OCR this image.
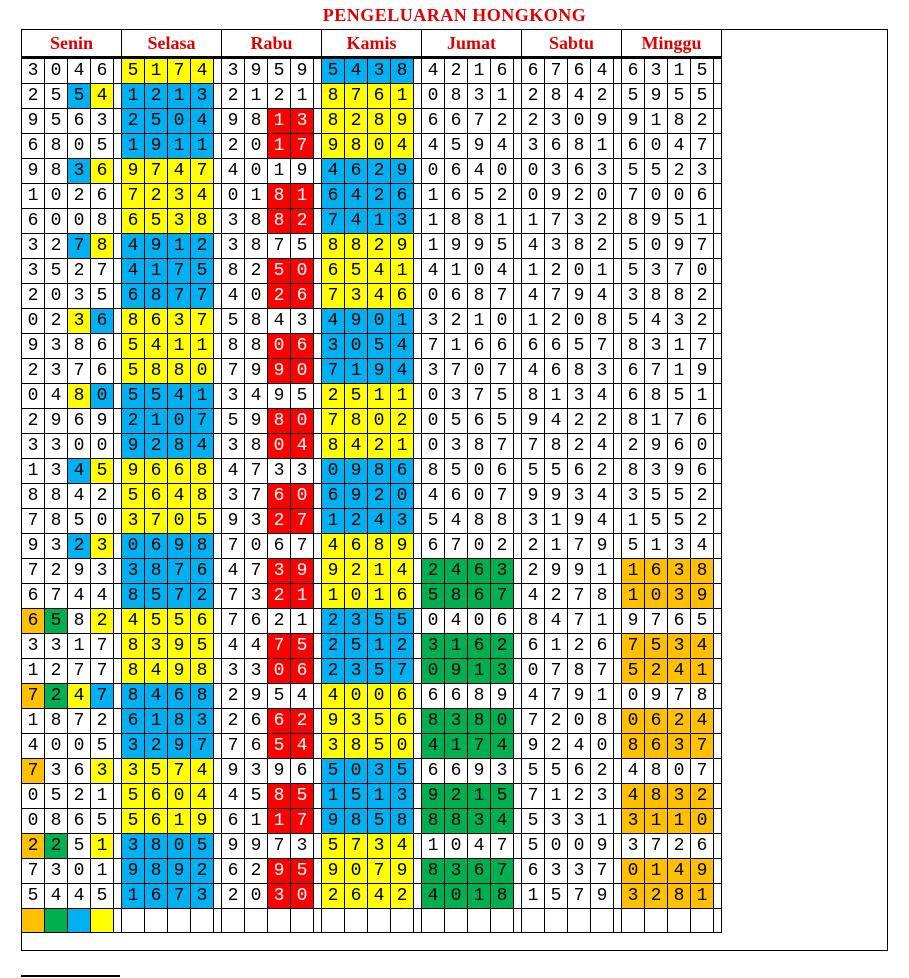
PENGELUARAN HONGKONG
Senin					Selasa					Rabu					Kamis					Jumat					Sabtu					Minggu				
3	0	4	6		5	1	7	4		3	9	5	9		5	4	3	8		4	2	1	6		6	7	6	4		6	3	1	5	
2	5	5	4		1	2	1	3		2	1	2	1		8	7	6	1		0	8	3	1		2	8	4	2		5	9	5	5	
9	5	6	3		2	5	0	4		9	8	1	3		8	2	8	9		6	6	7	2		2	3	0	9		9	1	8	2	
6	8	0	5		1	9	1	1		2	0	1	7		9	8	0	4		4	5	9	4		3	6	8	1		6	0	4	7	
9	8	3	6		9	7	4	7		4	0	1	9		4	6	2	9		0	6	4	0		0	3	6	3		5	5	2	3	
1	0	2	6		7	2	3	4		0	1	8	1		6	4	2	6		1	6	5	2		0	9	2	0		7	0	0	6	
6	0	0	8		6	5	3	8		3	8	8	2		7	4	1	3		1	8	8	1		1	7	3	2		8	9	5	1	
3	2	7	8		4	9	1	2		3	8	7	5		8	8	2	9		1	9	9	5		4	3	8	2		5	0	9	7	
3	5	2	7		4	1	7	5		8	2	5	0		6	5	4	1		4	1	0	4		1	2	0	1		5	3	7	0	
2	0	3	5		6	8	7	7		4	0	2	6		7	3	4	6		0	6	8	7		4	7	9	4		3	8	8	2	
0	2	3	6		8	6	3	7		5	8	4	3		4	9	0	1		3	2	1	0		1	2	0	8		5	4	3	2	
9	3	8	6		5	4	1	1		8	8	0	6		3	0	5	4		7	1	6	6		6	6	5	7		8	3	1	7	
2	3	7	6		5	8	8	0		7	9	9	0		7	1	9	4		3	7	0	7		4	6	8	3		6	7	1	9	
0	4	8	0		5	5	4	1		3	4	9	5		2	5	1	1		0	3	7	5		8	1	3	4		6	8	5	1	
2	9	6	9		2	1	0	7		5	9	8	0		7	8	0	2		0	5	6	5		9	4	2	2		8	1	7	6	
3	3	0	0		9	2	8	4		3	8	0	4		8	4	2	1		0	3	8	7		7	8	2	4		2	9	6	0	
1	3	4	5		9	6	6	8		4	7	3	3		0	9	8	6		8	5	0	6		5	5	6	2		8	3	9	6	
8	8	4	2		5	6	4	8		3	7	6	0		6	9	2	0		4	6	0	7		9	9	3	4		3	5	5	2	
7	8	5	0		3	7	0	5		9	3	2	7		1	2	4	3		5	4	8	8		3	1	9	4		1	5	5	2	
9	3	2	3		0	6	9	8		7	0	6	7		4	6	8	9		6	7	0	2		2	1	7	9		5	1	3	4	
7	2	9	3		3	8	7	6		4	7	3	9		9	2	1	4		2	4	6	3		2	9	9	1		1	6	3	8	
6	7	4	4		8	5	7	2		7	3	2	1		1	0	1	6		5	8	6	7		4	2	7	8		1	0	3	9	
6	5	8	2		4	5	5	6		7	6	2	1		2	3	5	5		0	4	0	6		8	4	7	1		9	7	6	5	
3	3	1	7		8	3	9	5		4	4	7	5		2	5	1	2		3	1	6	2		6	1	2	6		7	5	3	4	
1	2	7	7		8	4	9	8		3	3	0	6		2	3	5	7		0	9	1	3		0	7	8	7		5	2	4	1	
7	2	4	7		8	4	6	8		2	9	5	4		4	0	0	6		6	6	8	9		4	7	9	1		0	9	7	8	
1	8	7	2		6	1	8	3		2	6	6	2		9	3	5	6		8	3	8	0		7	2	0	8		0	6	2	4	
4	0	0	5		3	2	9	7		7	6	5	4		3	8	5	0		4	1	7	4		9	2	4	0		8	6	3	7	
7	3	6	3		3	5	7	4		9	3	9	6		5	0	3	5		6	6	9	3		5	5	6	2		4	8	0	7	
0	5	2	1		5	6	0	4		4	5	8	5		1	5	1	3		9	2	1	5		7	1	2	3		4	8	3	2	
0	8	6	5		5	6	1	9		6	1	1	7		9	8	5	8		8	8	3	4		5	3	3	1		3	1	1	0	
2	2	5	1		3	8	0	5		9	9	7	3		5	7	3	4		1	0	4	7		5	0	0	9		3	7	2	6	
7	3	0	1		9	8	9	2		6	2	9	5		9	0	7	9		8	3	6	7		6	3	3	7		0	1	4	9	
5	4	4	5		1	6	7	3		2	0	3	0		2	6	4	2		4	0	1	8		1	5	7	9		3	2	8	1	
